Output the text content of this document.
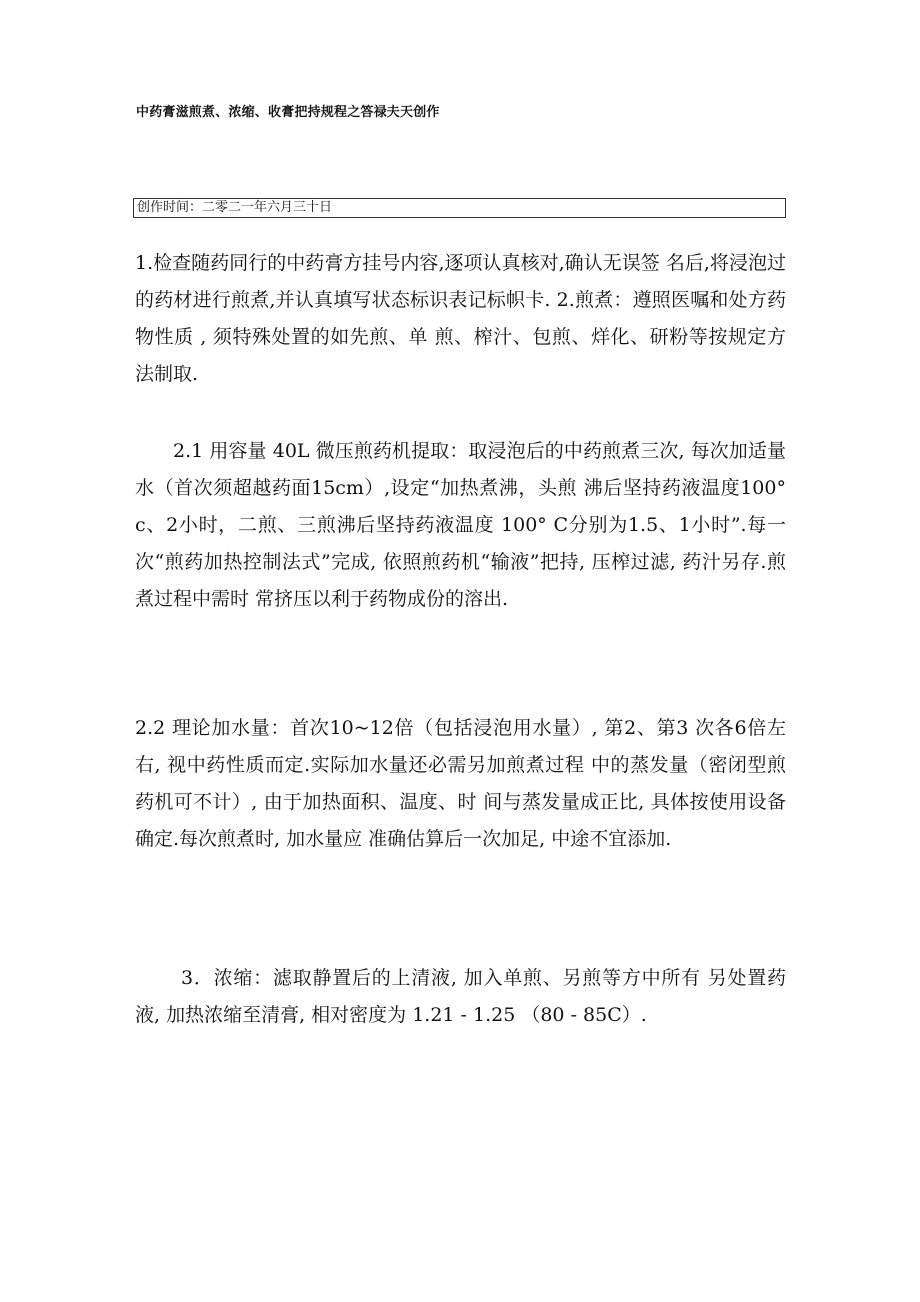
中药膏滋煎煮、浓缩、收膏把持规程之答禄夫天创作
创作时间：二零二一年六月三十日

1.检查随药同行的中药膏方挂号内容,逐项认真核对,确认无误签 名后,将浸泡过的药材进行煎煮,并认真填写状态标识表记标帜卡. 2.煎煮：遵照医嘱和处方药物性质 , 须特殊处置的如先煎、单 煎、榨汁、包煎、烊化、研粉等按规定方法制取.

2.1 用容量 40L 微压煎药机提取：取浸泡后的中药煎煮三次, 每次加适量水（首次须超越药面15cm）,设定“加热煮沸，头煎 沸后坚持药液温度100° c、2小时，二煎、三煎沸后坚持药液温度 100° C分别为1.5、1小时”.每一次“煎药加热控制法式”完成, 依照煎药机“输液”把持, 压榨过滤, 药汁另存.煎煮过程中需时 常挤压以利于药物成份的溶出.

2.2 理论加水量：首次10~12倍（包括浸泡用水量）, 第2、第3 次各6倍左右, 视中药性质而定.实际加水量还必需另加煎煮过程 中的蒸发量（密闭型煎药机可不计）, 由于加热面积、温度、时 间与蒸发量成正比, 具体按使用设备确定.每次煎煮时, 加水量应 准确估算后一次加足, 中途不宜添加.

3．浓缩：滤取静置后的上清液, 加入单煎、另煎等方中所有 另处置药液, 加热浓缩至清膏, 相对密度为 1.21 - 1.25 （80 - 85C）.
